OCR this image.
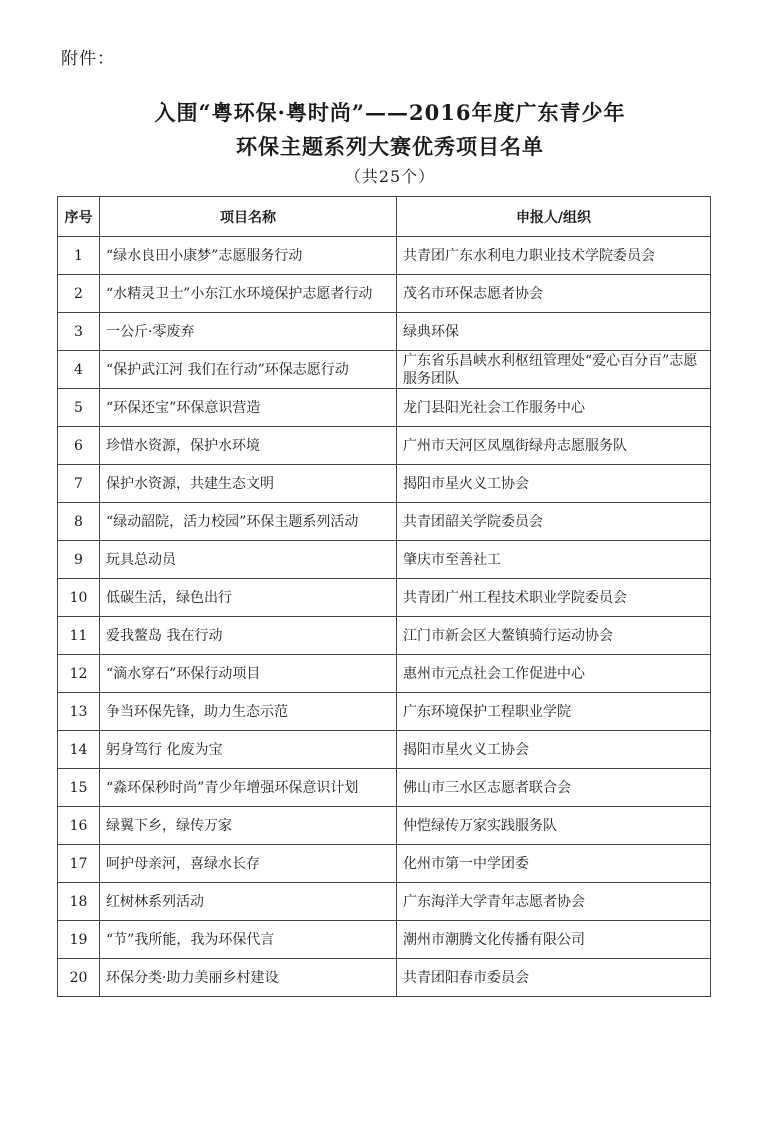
附件：
入围“粤环保·粤时尚”——2016年度广东青少年
环保主题系列大赛优秀项目名单
（共25个）
序号	项目名称	申报人/组织
1	“绿水良田小康梦”志愿服务行动	共青团广东水利电力职业技术学院委员会
2	“水精灵卫士”小东江水环境保护志愿者行动	茂名市环保志愿者协会
3	一公斤·零废弃	绿典环保
4	“保护武江河 我们在行动”环保志愿行动	广东省乐昌峡水利枢纽管理处“爱心百分百”志愿服务团队
5	“环保还宝”环保意识营造	龙门县阳光社会工作服务中心
6	珍惜水资源，保护水环境	广州市天河区凤凰街绿舟志愿服务队
7	保护水资源，共建生态文明	揭阳市星火义工协会
8	“绿动韶院，活力校园”环保主题系列活动	共青团韶关学院委员会
9	玩具总动员	肇庆市至善社工
10	低碳生活，绿色出行	共青团广州工程技术职业学院委员会
11	爱我鳌岛 我在行动	江门市新会区大鳌镇骑行运动协会
12	“滴水穿石”环保行动项目	惠州市元点社会工作促进中心
13	争当环保先锋，助力生态示范	广东环境保护工程职业学院
14	躬身笃行 化废为宝	揭阳市星火义工协会
15	“淼环保秒时尚”青少年增强环保意识计划	佛山市三水区志愿者联合会
16	绿翼下乡，绿传万家	仲恺绿传万家实践服务队
17	呵护母亲河，喜绿水长存	化州市第一中学团委
18	红树林系列活动	广东海洋大学青年志愿者协会
19	“节”我所能，我为环保代言	潮州市潮腾文化传播有限公司
20	环保分类·助力美丽乡村建设	共青团阳春市委员会
